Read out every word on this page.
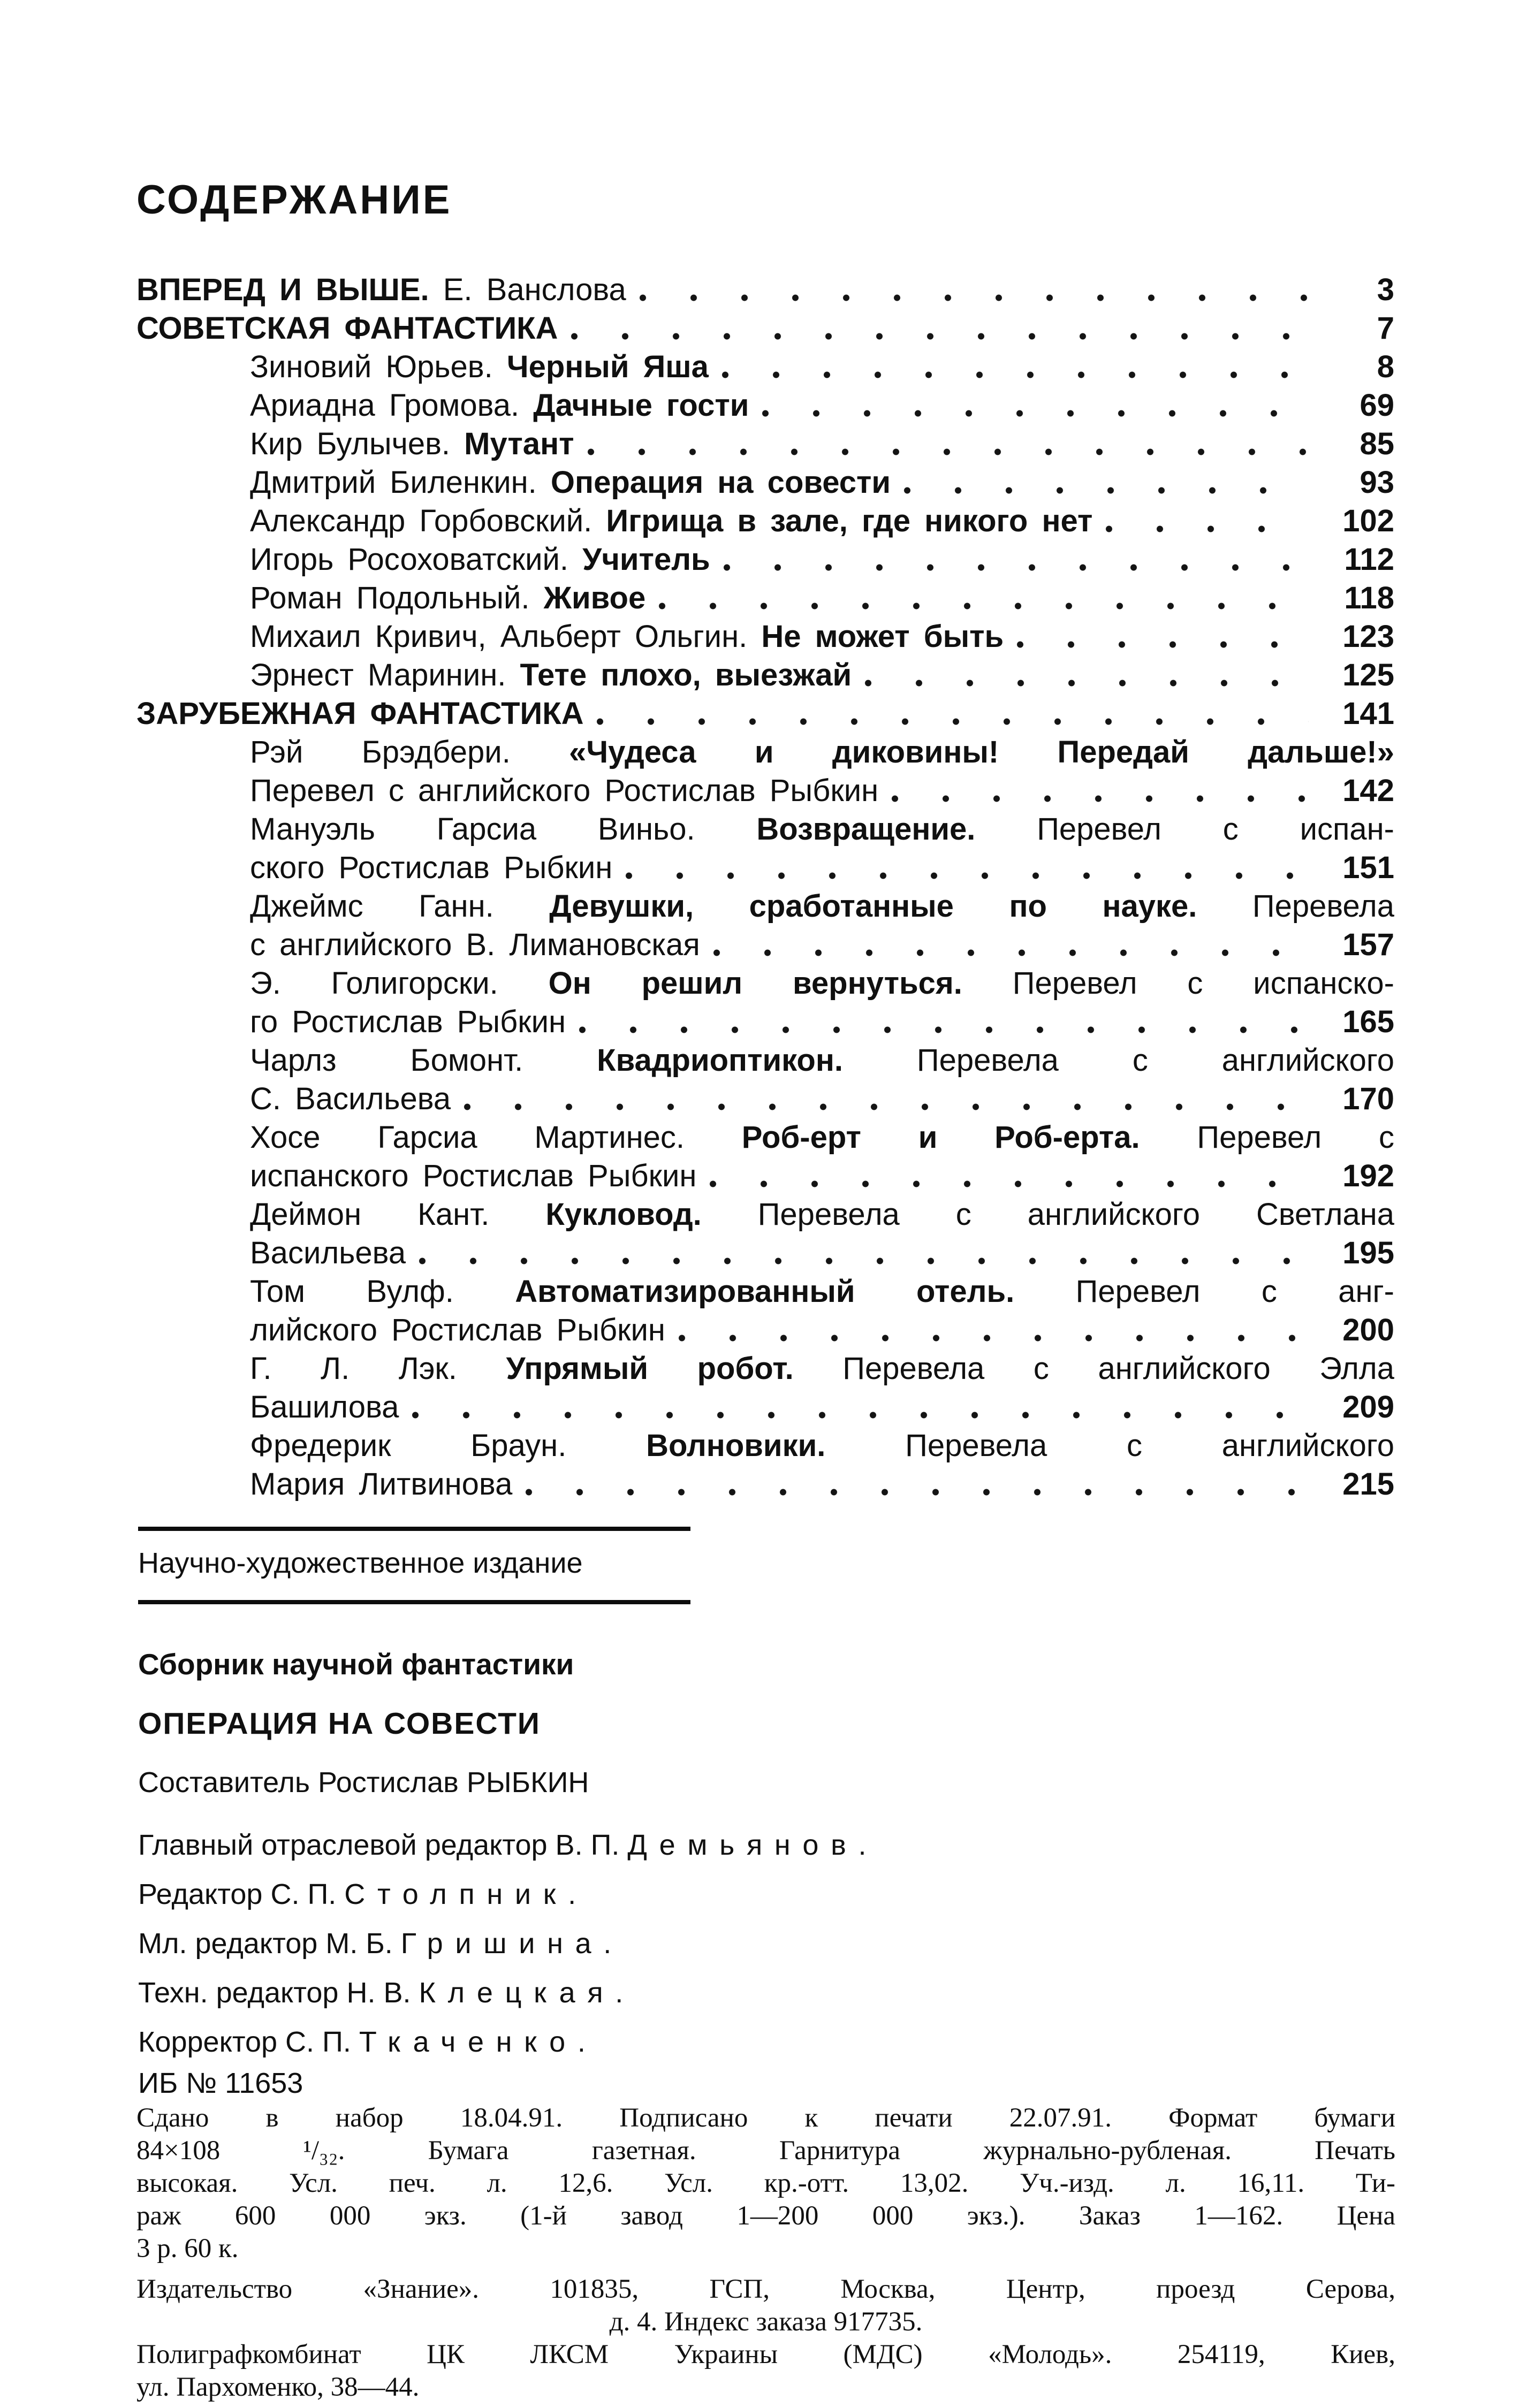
СОДЕРЖАНИЕ
ВПЕРЕД И ВЫШЕ. Е. Ванслова	3
СОВЕТСКАЯ ФАНТАСТИКА	7
Зиновий Юрьев. Черный Яша	8
Ариадна Громова. Дачные гости	69
Кир Булычев. Мутант	85
Дмитрий Биленкин. Операция на совести	93
Александр Горбовский. Игрища в зале, где никого нет	102
Игорь Росоховатский. Учитель	112
Роман Подольный. Живое	118
Михаил Кривич, Альберт Ольгин. Не может быть	123
Эрнест Маринин. Тете плохо, выезжай	125
ЗАРУБЕЖНАЯ ФАНТАСТИКА	141
Рэй Брэдбери. «Чудеса и диковины! Передай дальше!»
Перевел с английского Ростислав Рыбкин	142
Мануэль Гарсиа Виньо. Возвращение. Перевел с испан-
ского Ростислав Рыбкин	151
Джеймс Ганн. Девушки, сработанные по науке. Перевела
с английского В. Лимановская	157
Э. Голигорски. Он решил вернуться. Перевел с испанско-
го Ростислав Рыбкин	165
Чарлз Бомонт. Квадриоптикон. Перевела с английского
С. Васильева	170
Хосе Гарсиа Мартинес. Роб-ерт и Роб-ерта. Перевел с
испанского Ростислав Рыбкин	192
Деймон Кант. Кукловод. Перевела с английского Светлана
Васильева	195
Том Вулф. Автоматизированный отель. Перевел с анг-
лийского Ростислав Рыбкин	200
Г. Л. Лэк. Упрямый робот. Перевела с английского Элла
Башилова	209
Фредерик Браун. Волновики. Перевела с английского
Мария Литвинова	215
Научно-художественное издание
Сборник научной фантастики
ОПЕРАЦИЯ НА СОВЕСТИ
Составитель Ростислав РЫБКИН
Главный отраслевой редактор В. П. Демьянов.
Редактор С. П. Столпник.
Мл. редактор М. Б. Гришина.
Техн. редактор Н. В. Клецкая.
Корректор С. П. Ткаченко.
ИБ № 11653
Сдано в набор 18.04.91. Подписано к печати 22.07.91. Формат бумаги
84×108 ¹/₃₂. Бумага газетная. Гарнитура журнально-рубленая. Печать
высокая. Усл. печ. л. 12,6. Усл. кр.-отт. 13,02. Уч.-изд. л. 16,11. Ти-
раж 600 000 экз. (1-й завод 1—200 000 экз.). Заказ 1—162. Цена
3 р. 60 к.
Издательство «Знание». 101835, ГСП, Москва, Центр, проезд Серова,
д. 4. Индекс заказа 917735.
Полиграфкомбинат ЦК ЛКСМ Украины (МДС) «Молодь». 254119, Киев,
ул. Пархоменко, 38—44.
